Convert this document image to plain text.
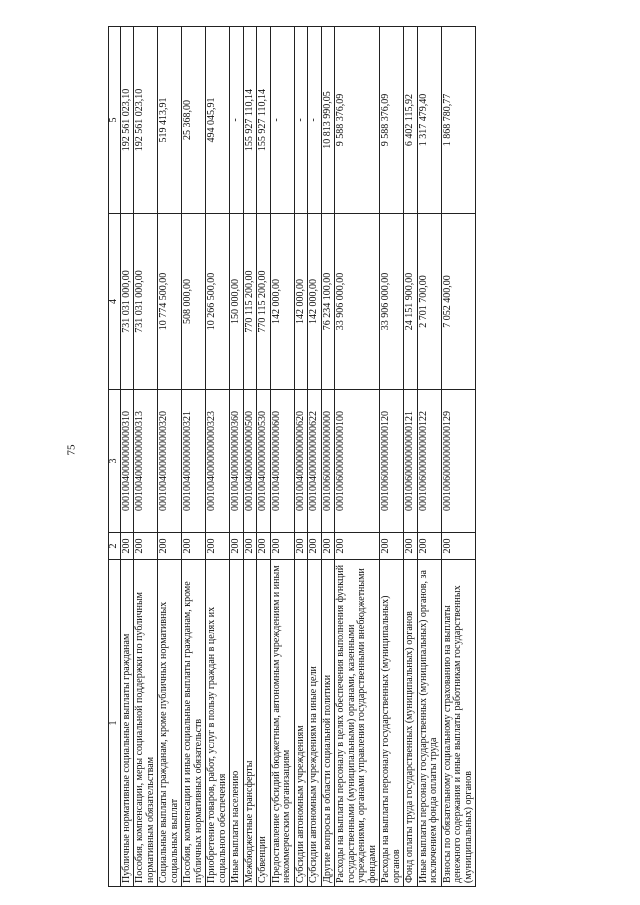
75
1	2	3	4	5
Публичные нормативные социальные выплаты гражданам	200	00010040000000000310	731 031 000,00	192 561 023,10
Пособия, компенсации, меры социальной поддержки по публичным нормативным обязательствам	200	00010040000000000313	731 031 000,00	192 561 023,10
Социальные выплаты гражданам, кроме публичных нормативных социальных выплат	200	00010040000000000320	10 774 500,00	519 413,91
Пособия, компенсации и иные социальные выплаты гражданам, кроме публичных нормативных обязательств	200	00010040000000000321	508 000,00	25 368,00
Приобретение товаров, работ, услуг в пользу граждан в целях их социального обеспечения	200	00010040000000000323	10 266 500,00	494 045,91
Иные выплаты населению	200	00010040000000000360	150 000,00	-
Межбюджетные трансферты	200	00010040000000000500	770 115 200,00	155 927 110,14
Субвенции	200	00010040000000000530	770 115 200,00	155 927 110,14
Предоставление субсидий бюджетным, автономным учреждениям и иным некоммерческим организациям	200	00010040000000000600	142 000,00	-
Субсидии автономным учреждениям	200	00010040000000000620	142 000,00	-
Субсидии автономным учреждениям на иные цели	200	00010040000000000622	142 000,00	-
Другие вопросы в области социальной политики	200	00010060000000000000	76 234 100,00	10 813 990,05
Расходы на выплаты персоналу в целях обеспечения выполнения функций государственными (муниципальными) органами, казенными учреждениями, органами управления государственными внебюджетными фондами	200	00010060000000000100	33 906 000,00	9 588 376,09
Расходы на выплаты персоналу государственных (муниципальных) органов	200	00010060000000000120	33 906 000,00	9 588 376,09
Фонд оплаты труда государственных (муниципальных) органов	200	00010060000000000121	24 151 900,00	6 402 115,92
Иные выплаты персоналу государственных (муниципальных) органов, за исключением фонда оплаты труда	200	00010060000000000122	2 701 700,00	1 317 479,40
Взносы по обязательному социальному страхованию на выплаты денежного содержания и иные выплаты работникам государственных (муниципальных) органов	200	00010060000000000129	7 052 400,00	1 868 780,77
